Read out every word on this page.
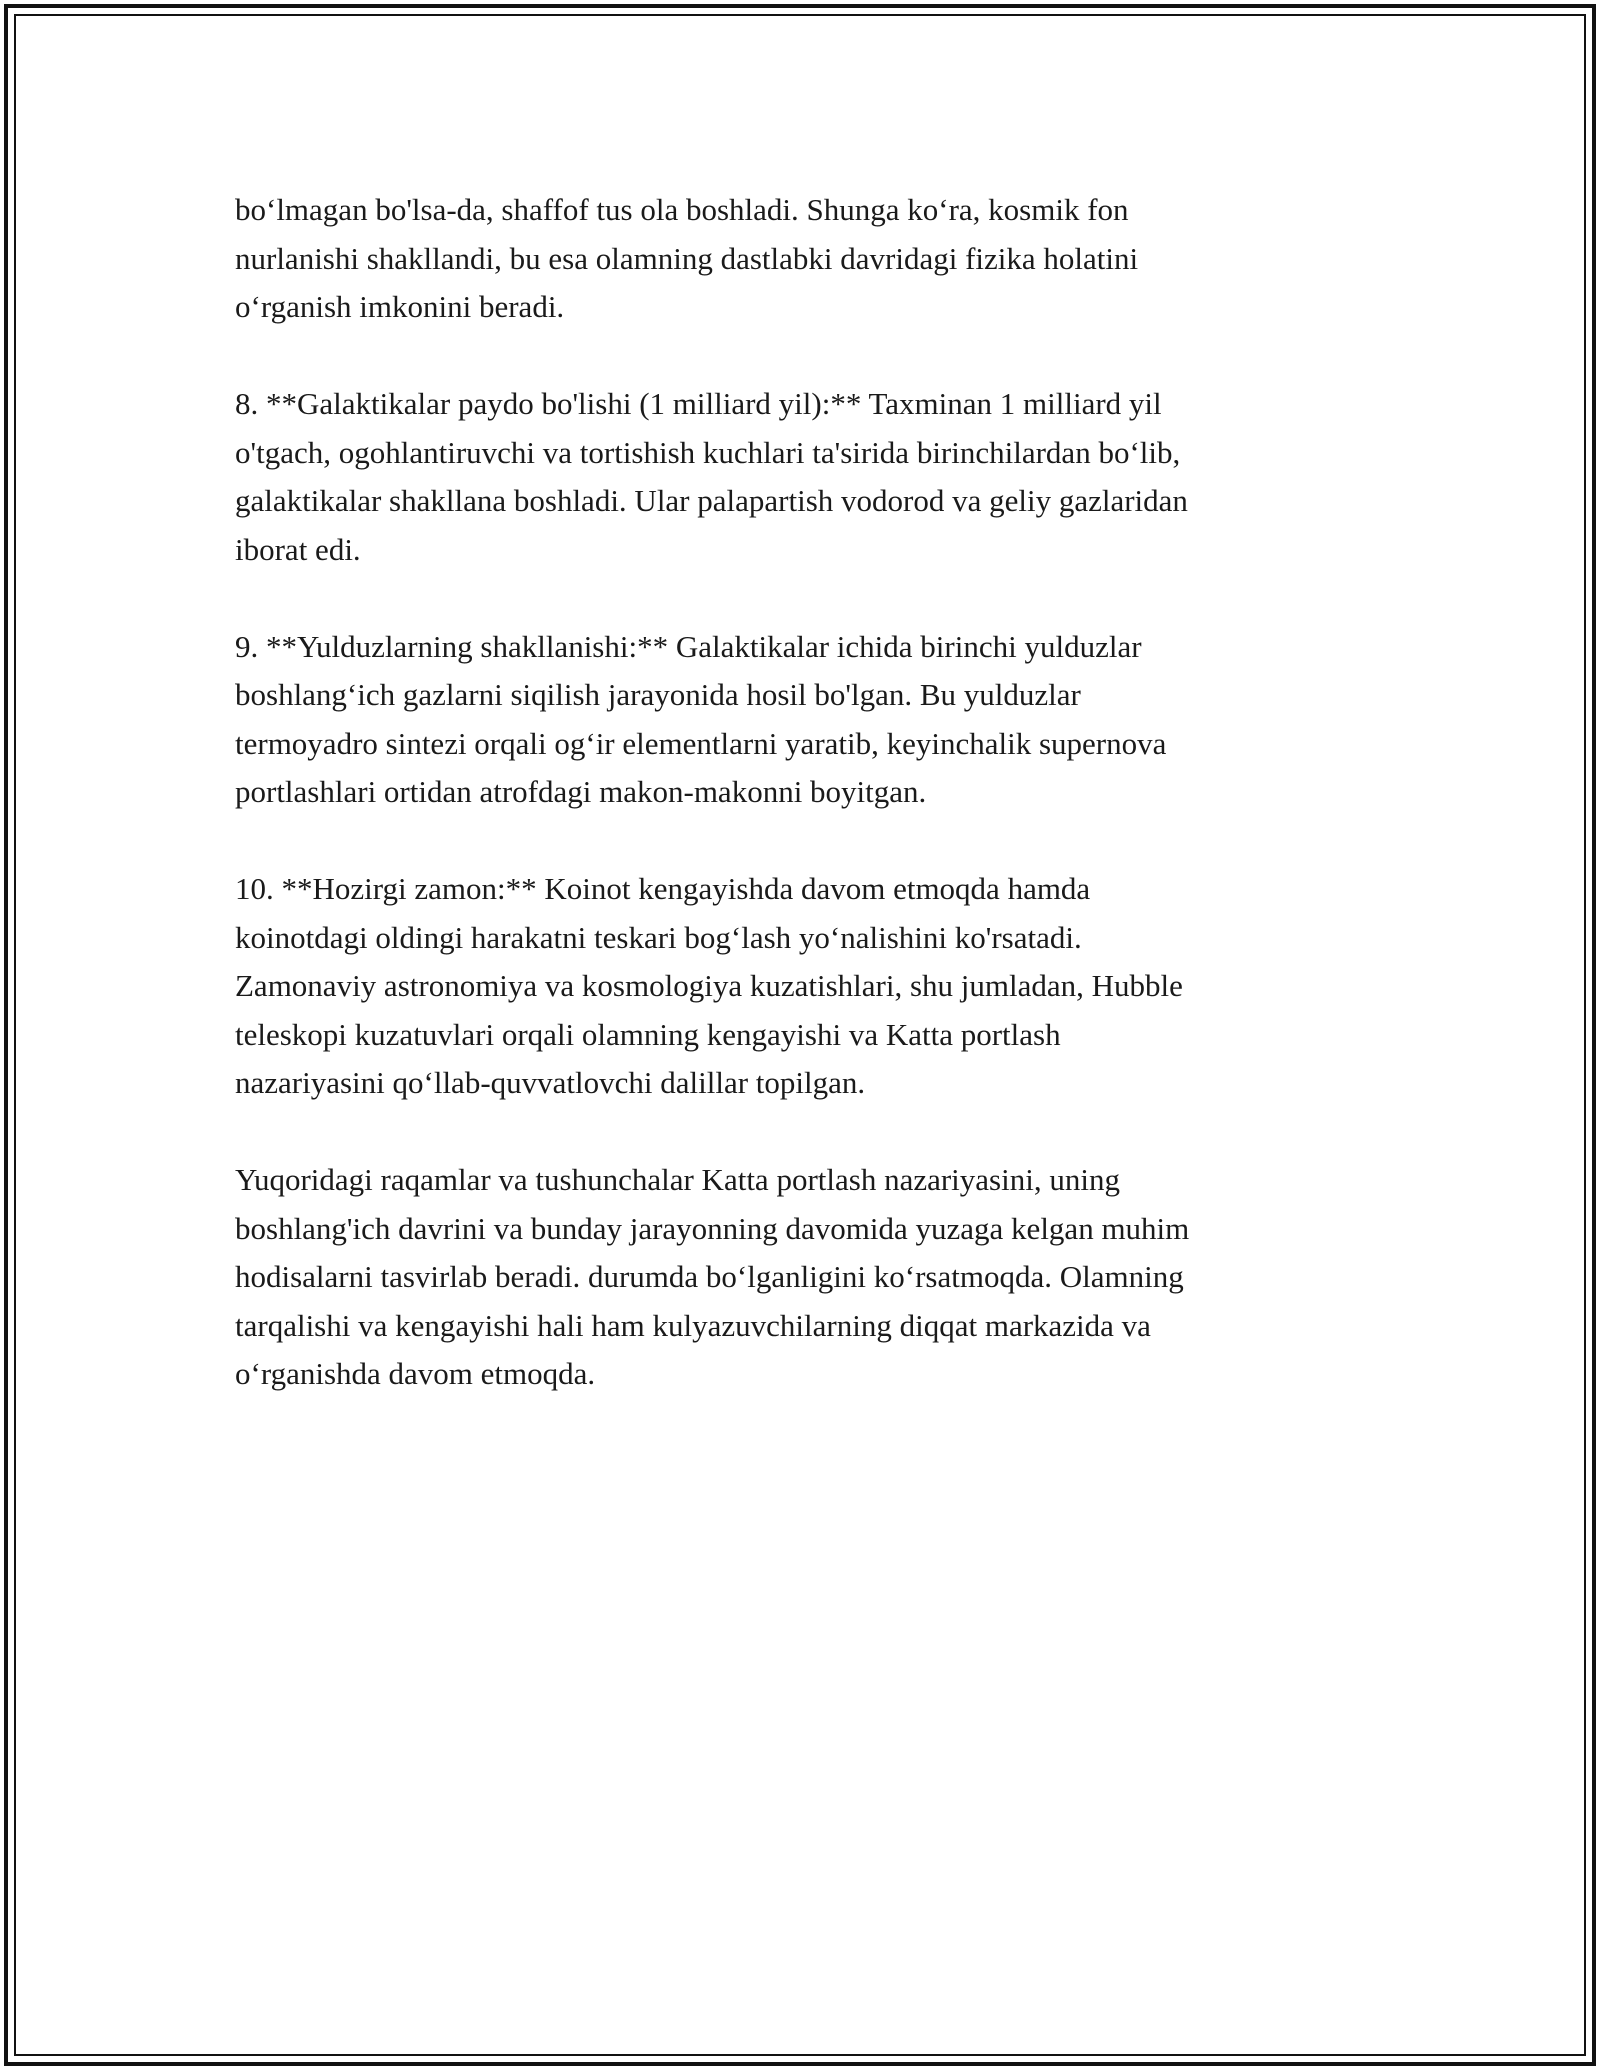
bo‘lmagan bo'lsa-da, shaffof tus ola boshladi. Shunga ko‘ra, kosmik fon
nurlanishi shakllandi, bu esa olamning dastlabki davridagi fizika holatini
o‘rganish imkonini beradi.

8. **Galaktikalar paydo bo'lishi (1 milliard yil):** Taxminan 1 milliard yil
o'tgach, ogohlantiruvchi va tortishish kuchlari ta'sirida birinchilardan bo‘lib,
galaktikalar shakllana boshladi. Ular palapartish vodorod va geliy gazlaridan
iborat edi.

9. **Yulduzlarning shakllanishi:** Galaktikalar ichida birinchi yulduzlar
boshlang‘ich gazlarni siqilish jarayonida hosil bo'lgan. Bu yulduzlar
termoyadro sintezi orqali og‘ir elementlarni yaratib, keyinchalik supernova
portlashlari ortidan atrofdagi makon-makonni boyitgan.

10. **Hozirgi zamon:** Koinot kengayishda davom etmoqda hamda
koinotdagi oldingi harakatni teskari bog‘lash yo‘nalishini ko'rsatadi.
Zamonaviy astronomiya va kosmologiya kuzatishlari, shu jumladan, Hubble
teleskopi kuzatuvlari orqali olamning kengayishi va Katta portlash
nazariyasini qo‘llab-quvvatlovchi dalillar topilgan.

Yuqoridagi raqamlar va tushunchalar Katta portlash nazariyasini, uning
boshlang'ich davrini va bunday jarayonning davomida yuzaga kelgan muhim
hodisalarni tasvirlab beradi. durumda bo‘lganligini ko‘rsatmoqda. Olamning
tarqalishi va kengayishi hali ham kulyazuvchilarning diqqat markazida va
o‘rganishda davom etmoqda.
